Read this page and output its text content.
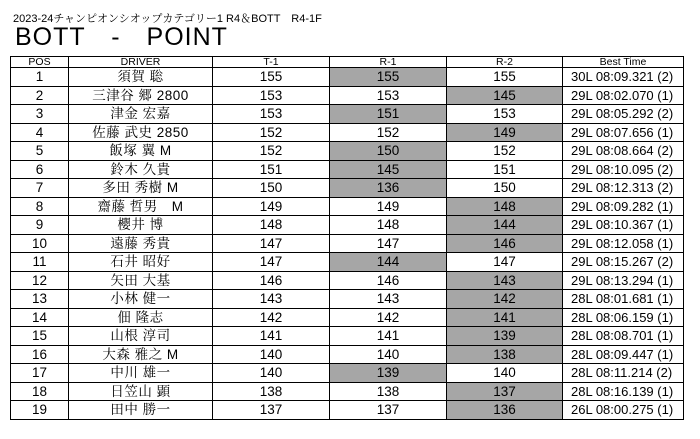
2023-24チャンピオンシオップカテゴリー1 R4＆BOTT　R4-1F
BOTT　-　POINT
POS	DRIVER	T-1	R-1	R-2	Best Time
1	須賀 聡	155	155	155	30L 08:09.321 (2)
2	三津谷 郷 2800	153	153	145	29L 08:02.070 (1)
3	津金 宏嘉	153	151	153	29L 08:05.292 (2)
4	佐藤 武史 2850	152	152	149	29L 08:07.656 (1)
5	飯塚 翼 M	152	150	152	29L 08:08.664 (2)
6	鈴木 久貴	151	145	151	29L 08:10.095 (2)
7	多田 秀樹 M	150	136	150	29L 08:12.313 (2)
8	齋藤 哲男　M	149	149	148	29L 08:09.282 (1)
9	櫻井 博	148	148	144	29L 08:10.367 (1)
10	遠藤 秀貴	147	147	146	29L 08:12.058 (1)
11	石井 昭好	147	144	147	29L 08:15.267 (2)
12	矢田 大基	146	146	143	29L 08:13.294 (1)
13	小林 健一	143	143	142	28L 08:01.681 (1)
14	佃 隆志	142	142	141	28L 08:06.159 (1)
15	山根 淳司	141	141	139	28L 08:08.701 (1)
16	大森 雅之 M	140	140	138	28L 08:09.447 (1)
17	中川 雄一	140	139	140	28L 08:11.214 (2)
18	日笠山 顕	138	138	137	28L 08:16.139 (1)
19	田中 勝一	137	137	136	26L 08:00.275 (1)
